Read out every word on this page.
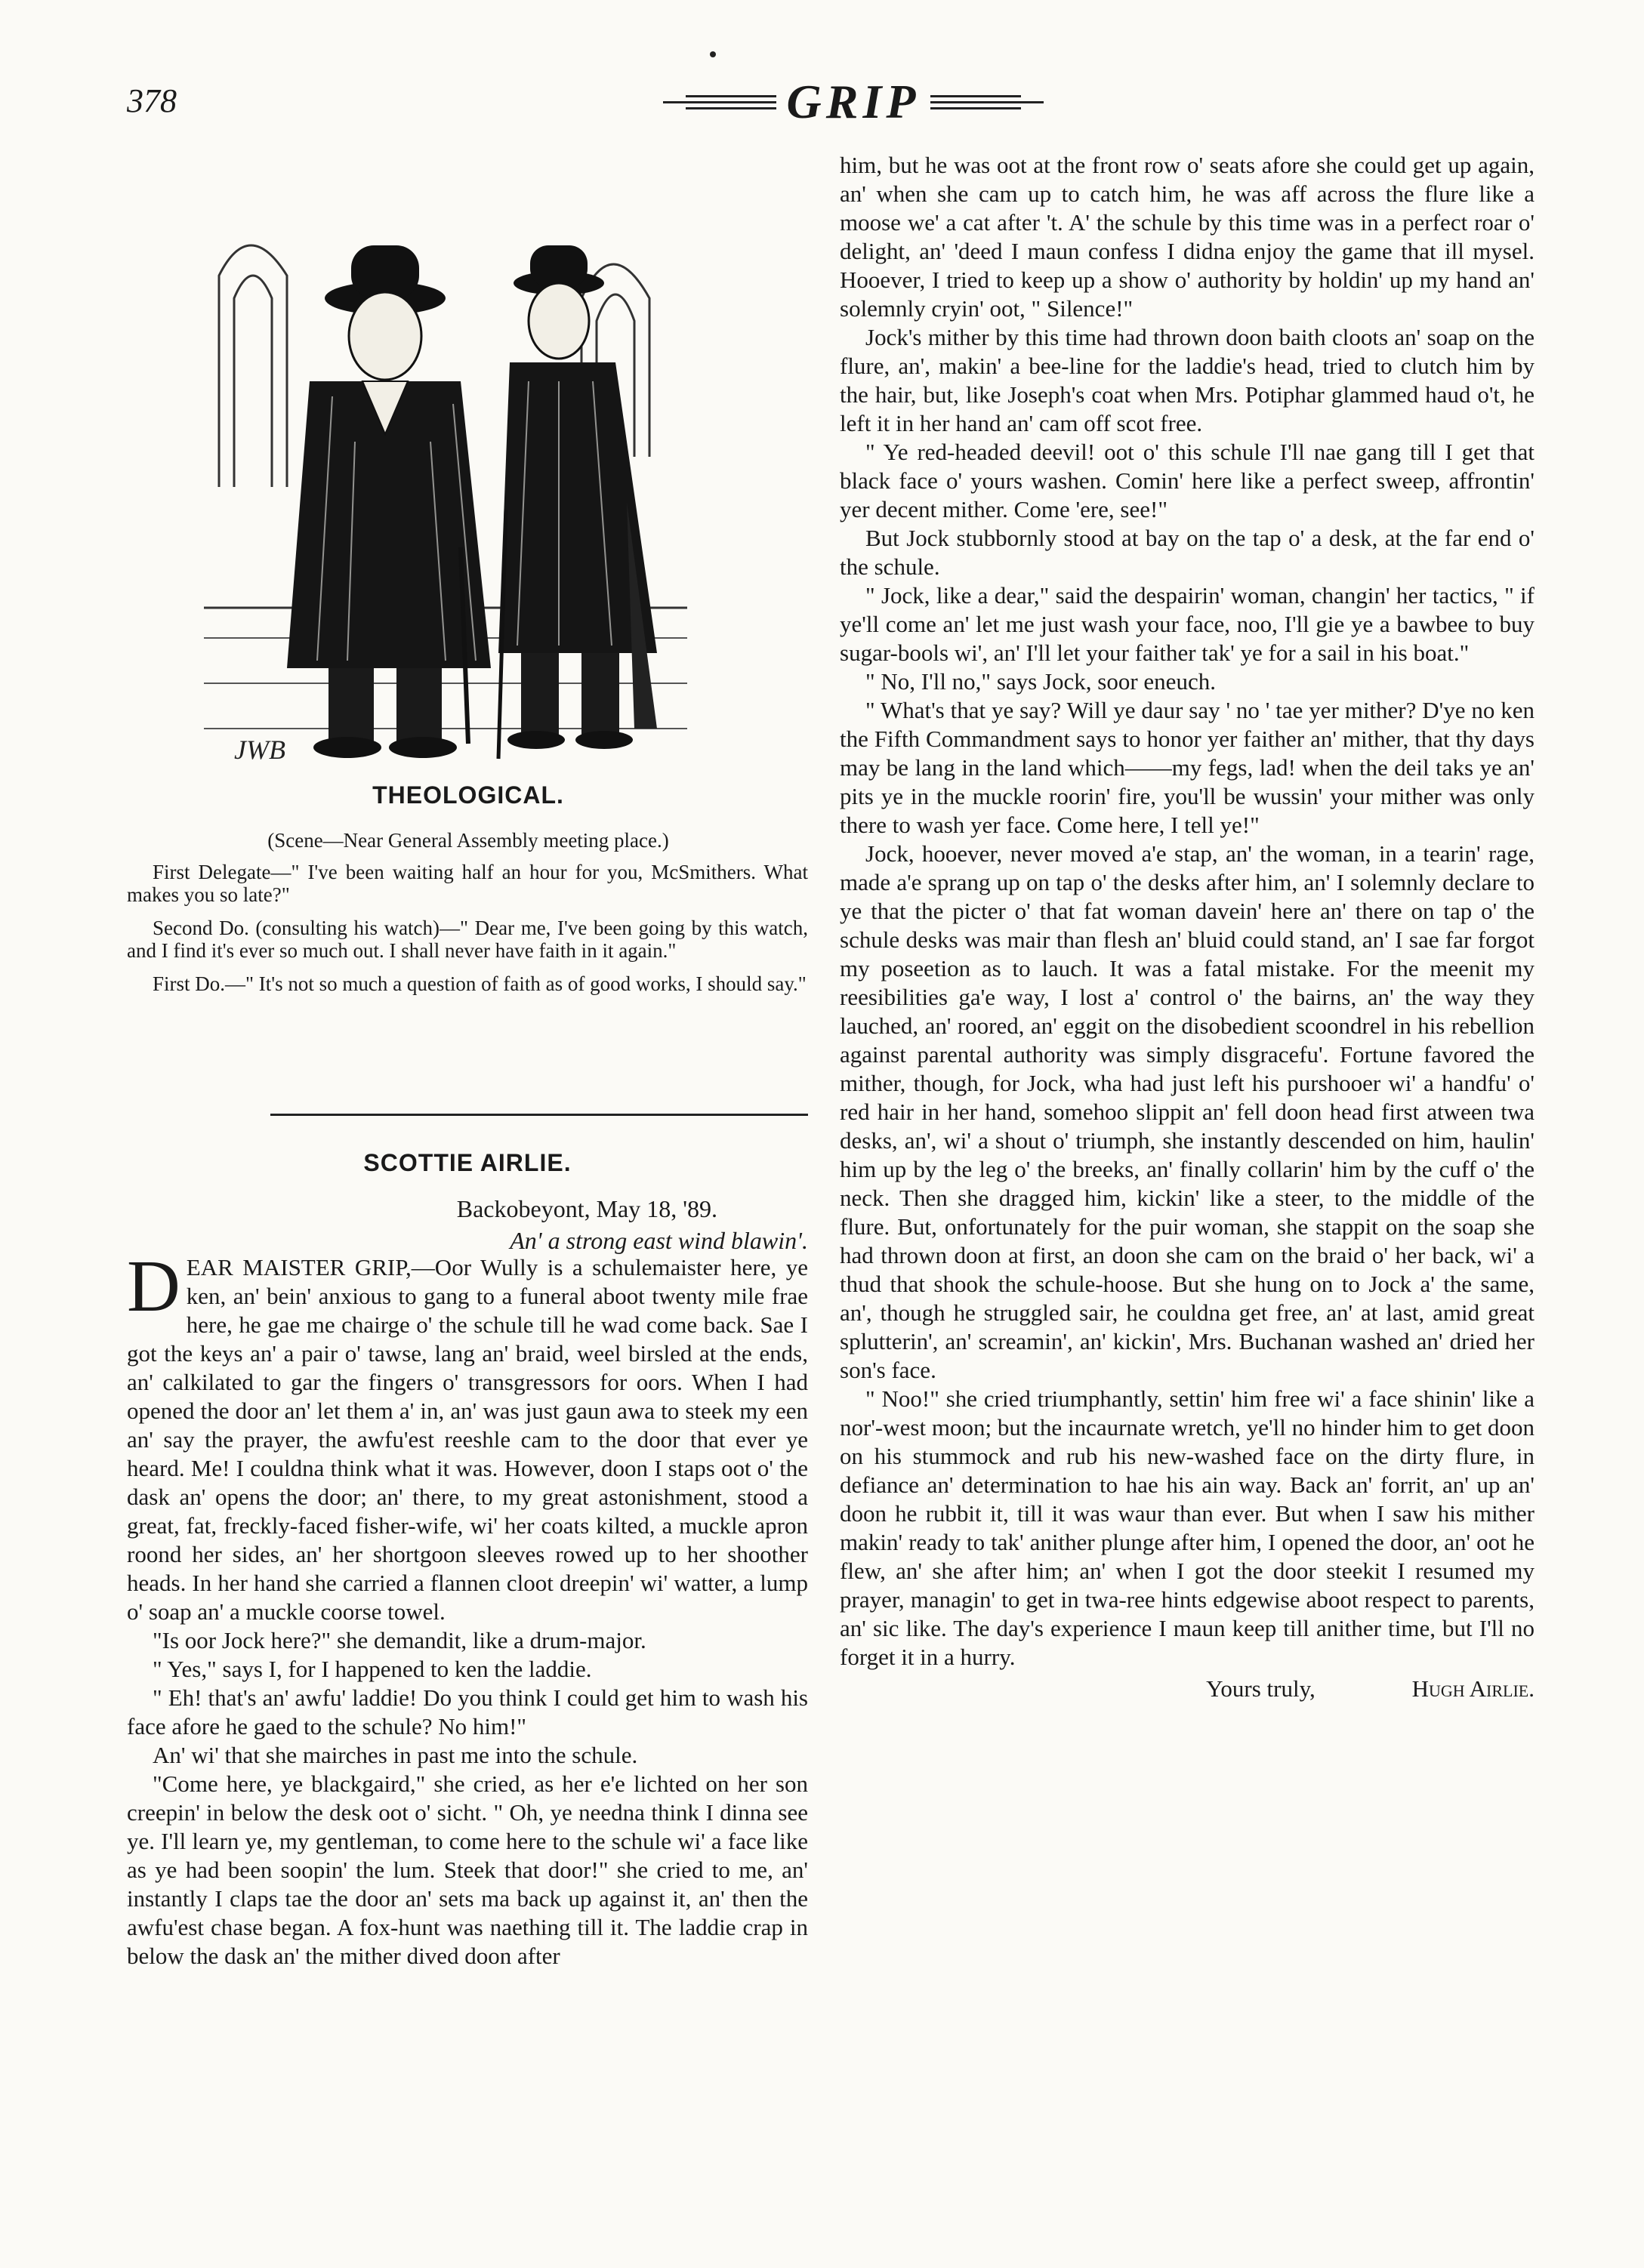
378	GRIP
JWB
THEOLOGICAL.
(Scene—Near General Assembly meeting place.)

First Delegate—" I've been waiting half an hour for you, McSmithers. What makes you so late?"

Second Do. (consulting his watch)—" Dear me, I've been going by this watch, and I find it's ever so much out. I shall never have faith in it again."

First Do.—" It's not so much a question of faith as of good works, I should say."

SCOTTIE AIRLIE.
Backobeyont, May 18, '89.
An' a strong east wind blawin'.

DEAR MAISTER GRIP,—Oor Wully is a schulemaister here, ye ken, an' bein' anxious to gang to a funeral aboot twenty mile frae here, he gae me chairge o' the schule till he wad come back. Sae I got the keys an' a pair o' tawse, lang an' braid, weel birsled at the ends, an' calkilated to gar the fingers o' transgressors for oors. When I had opened the door an' let them a' in, an' was just gaun awa to steek my een an' say the prayer, the awfu'est reeshle cam to the door that ever ye heard. Me! I couldna think what it was. However, doon I staps oot o' the dask an' opens the door; an' there, to my great astonishment, stood a great, fat, freckly-faced fisher-wife, wi' her coats kilted, a muckle apron roond her sides, an' her shortgoon sleeves rowed up to her shoother heads. In her hand she carried a flannen cloot dreepin' wi' watter, a lump o' soap an' a muckle coorse towel.

"Is oor Jock here?" she demandit, like a drum-major.

" Yes," says I, for I happened to ken the laddie.

" Eh! that's an' awfu' laddie! Do you think I could get him to wash his face afore he gaed to the schule? No him!"

An' wi' that she mairches in past me into the schule.

"Come here, ye blackgaird," she cried, as her e'e lichted on her son creepin' in below the desk oot o' sicht. " Oh, ye needna think I dinna see ye. I'll learn ye, my gentleman, to come here to the schule wi' a face like as ye had been soopin' the lum. Steek that door!" she cried to me, an' instantly I claps tae the door an' sets ma back up against it, an' then the awfu'est chase began. A fox-hunt was naething till it. The laddie crap in below the dask an' the mither dived doon after

him, but he was oot at the front row o' seats afore she could get up again, an' when she cam up to catch him, he was aff across the flure like a moose we' a cat after 't. A' the schule by this time was in a perfect roar o' delight, an' 'deed I maun confess I didna enjoy the game that ill mysel. Hooever, I tried to keep up a show o' authority by holdin' up my hand an' solemnly cryin' oot, " Silence!"

Jock's mither by this time had thrown doon baith cloots an' soap on the flure, an', makin' a bee-line for the laddie's head, tried to clutch him by the hair, but, like Joseph's coat when Mrs. Potiphar glammed haud o't, he left it in her hand an' cam off scot free.

" Ye red-headed deevil! oot o' this schule I'll nae gang till I get that black face o' yours washen. Comin' here like a perfect sweep, affrontin' yer decent mither. Come 'ere, see!"

But Jock stubbornly stood at bay on the tap o' a desk, at the far end o' the schule.

" Jock, like a dear," said the despairin' woman, changin' her tactics, " if ye'll come an' let me just wash your face, noo, I'll gie ye a bawbee to buy sugar-bools wi', an' I'll let your faither tak' ye for a sail in his boat."

" No, I'll no," says Jock, soor eneuch.

" What's that ye say? Will ye daur say ' no ' tae yer mither? D'ye no ken the Fifth Commandment says to honor yer faither an' mither, that thy days may be lang in the land which——my fegs, lad! when the deil taks ye an' pits ye in the muckle roorin' fire, you'll be wussin' your mither was only there to wash yer face. Come here, I tell ye!"

Jock, hooever, never moved a'e stap, an' the woman, in a tearin' rage, made a'e sprang up on tap o' the desks after him, an' I solemnly declare to ye that the picter o' that fat woman davein' here an' there on tap o' the schule desks was mair than flesh an' bluid could stand, an' I sae far forgot my poseetion as to lauch. It was a fatal mistake. For the meenit my reesibilities ga'e way, I lost a' control o' the bairns, an' the way they lauched, an' roored, an' eggit on the disobedient scoondrel in his rebellion against parental authority was simply disgracefu'. Fortune favored the mither, though, for Jock, wha had just left his purshooer wi' a handfu' o' red hair in her hand, somehoo slippit an' fell doon head first atween twa desks, an', wi' a shout o' triumph, she instantly descended on him, haulin' him up by the leg o' the breeks, an' finally collarin' him by the cuff o' the neck. Then she dragged him, kickin' like a steer, to the middle of the flure. But, onfortunately for the puir woman, she stappit on the soap she had thrown doon at first, an doon she cam on the braid o' her back, wi' a thud that shook the schule-hoose. But she hung on to Jock a' the same, an', though he struggled sair, he couldna get free, an' at last, amid great splutterin', an' screamin', an' kickin', Mrs. Buchanan washed an' dried her son's face.

" Noo!" she cried triumphantly, settin' him free wi' a face shinin' like a nor'-west moon; but the incaurnate wretch, ye'll no hinder him to get doon on his stummock and rub his new-washed face on the dirty flure, in defiance an' determination to hae his ain way. Back an' forrit, an' up an' doon he rubbit it, till it was waur than ever. But when I saw his mither makin' ready to tak' anither plunge after him, I opened the door, an' oot he flew, an' she after him; an' when I got the door steekit I resumed my prayer, managin' to get in twa-ree hints edgewise aboot respect to parents, an' sic like. The day's experience I maun keep till anither time, but I'll no forget it in a hurry.

Yours truly,	Hugh Airlie.
